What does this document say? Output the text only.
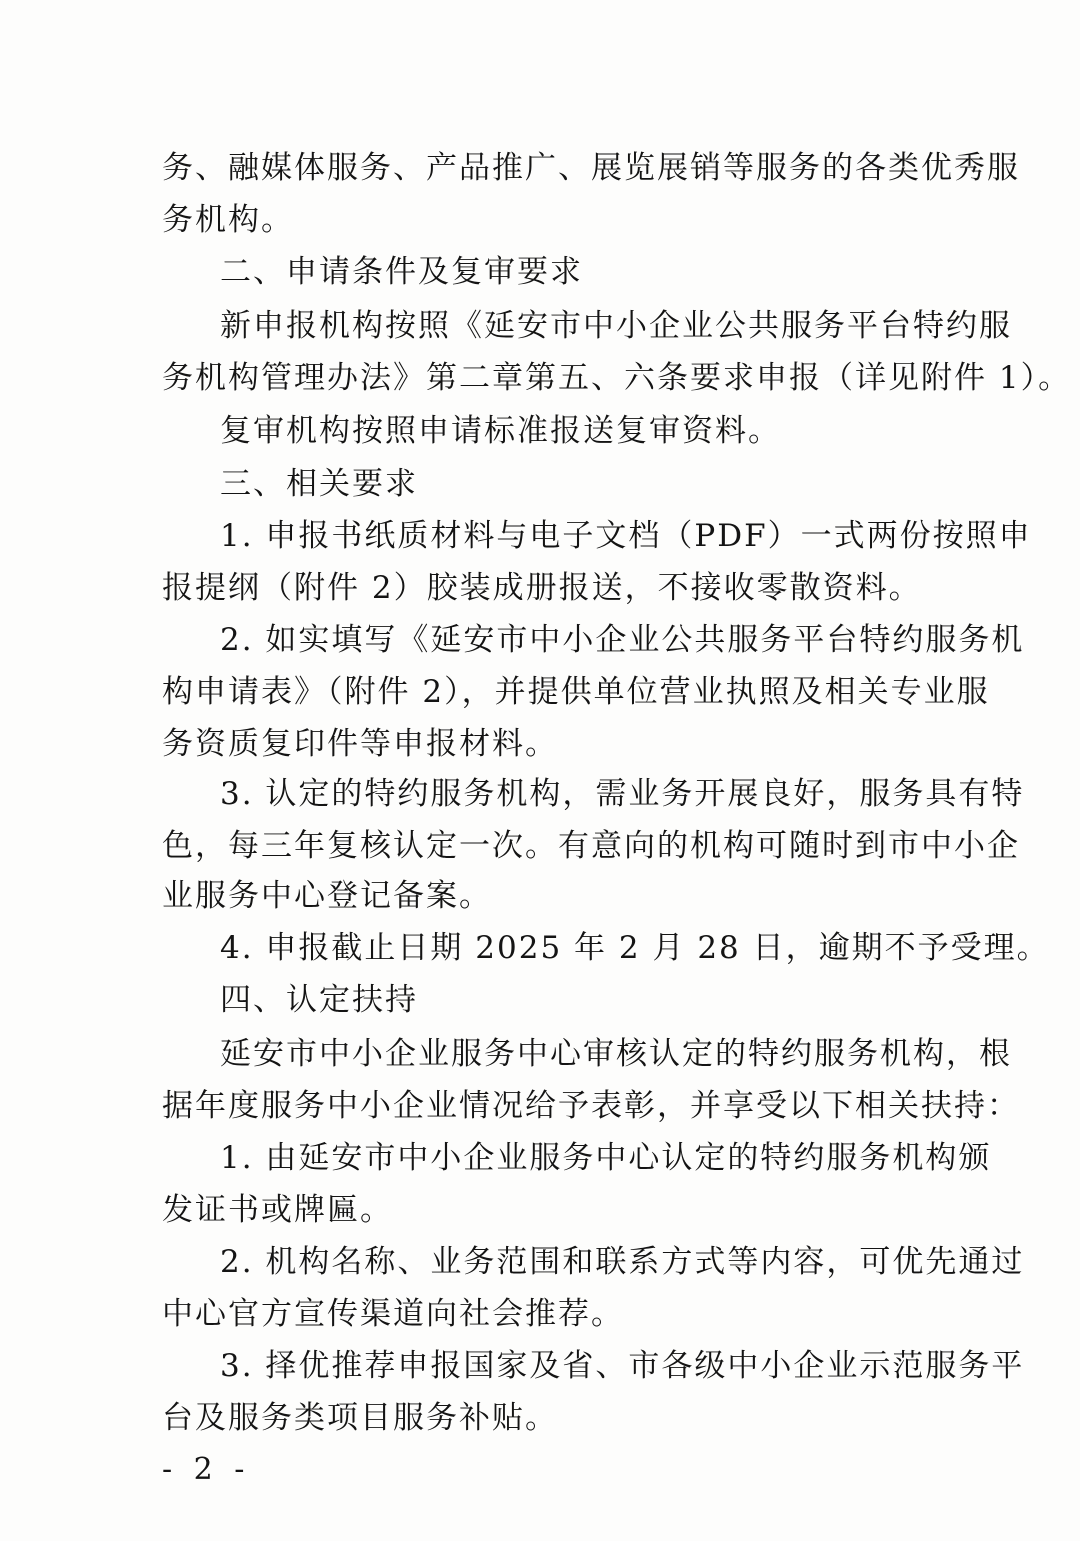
务、融媒体服务、产品推广、展览展销等服务的各类优秀服

务机构。

二、申请条件及复审要求

新申报机构按照《延安市中小企业公共服务平台特约服

务机构管理办法》第二章第五、六条要求申报（详见附件 1）。

复审机构按照申请标准报送复审资料。

三、相关要求

1. 申报书纸质材料与电子文档（PDF）一式两份按照申

报提纲（附件 2）胶装成册报送，不接收零散资料。

2. 如实填写《延安市中小企业公共服务平台特约服务机

构申请表》（附件 2），并提供单位营业执照及相关专业服

务资质复印件等申报材料。

3. 认定的特约服务机构，需业务开展良好，服务具有特

色，每三年复核认定一次。有意向的机构可随时到市中小企

业服务中心登记备案。

4. 申报截止日期 2025 年 2 月 28 日，逾期不予受理。

四、认定扶持

延安市中小企业服务中心审核认定的特约服务机构，根

据年度服务中小企业情况给予表彰，并享受以下相关扶持：

1. 由延安市中小企业服务中心认定的特约服务机构颁

发证书或牌匾。

2. 机构名称、业务范围和联系方式等内容，可优先通过

中心官方宣传渠道向社会推荐。

3. 择优推荐申报国家及省、市各级中小企业示范服务平

台及服务类项目服务补贴。

- 2 -
